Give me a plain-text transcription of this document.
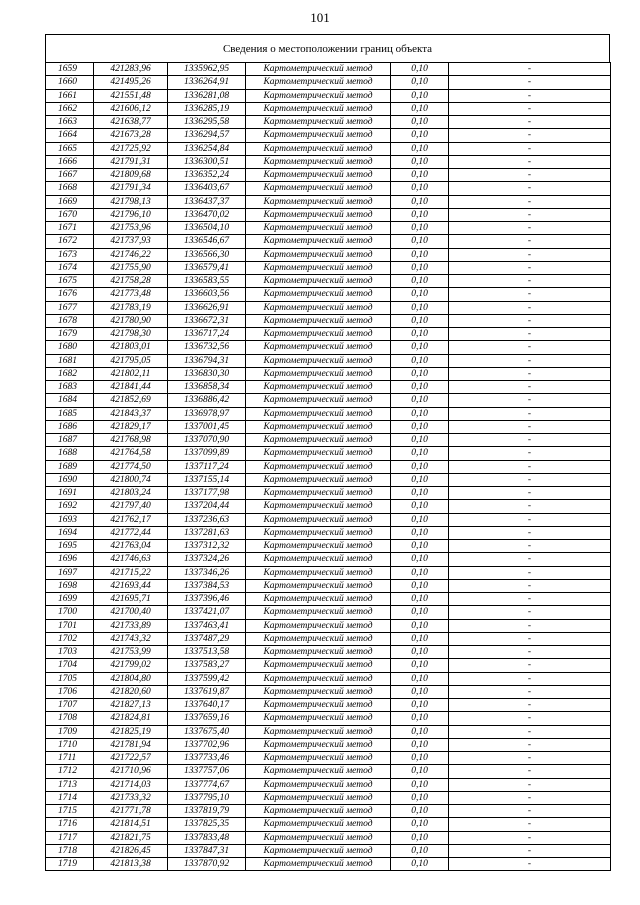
101
Сведения о местоположении границ объекта
1659	421283,96	1335962,95	Картометрический метод	0,10	-
1660	421495,26	1336264,91	Картометрический метод	0,10	-
1661	421551,48	1336281,08	Картометрический метод	0,10	-
1662	421606,12	1336285,19	Картометрический метод	0,10	-
1663	421638,77	1336295,58	Картометрический метод	0,10	-
1664	421673,28	1336294,57	Картометрический метод	0,10	-
1665	421725,92	1336254,84	Картометрический метод	0,10	-
1666	421791,31	1336300,51	Картометрический метод	0,10	-
1667	421809,68	1336352,24	Картометрический метод	0,10	-
1668	421791,34	1336403,67	Картометрический метод	0,10	-
1669	421798,13	1336437,37	Картометрический метод	0,10	-
1670	421796,10	1336470,02	Картометрический метод	0,10	-
1671	421753,96	1336504,10	Картометрический метод	0,10	-
1672	421737,93	1336546,67	Картометрический метод	0,10	-
1673	421746,22	1336566,30	Картометрический метод	0,10	-
1674	421755,90	1336579,41	Картометрический метод	0,10	-
1675	421758,28	1336583,55	Картометрический метод	0,10	-
1676	421773,48	1336603,56	Картометрический метод	0,10	-
1677	421783,19	1336626,91	Картометрический метод	0,10	-
1678	421780,90	1336672,31	Картометрический метод	0,10	-
1679	421798,30	1336717,24	Картометрический метод	0,10	-
1680	421803,01	1336732,56	Картометрический метод	0,10	-
1681	421795,05	1336794,31	Картометрический метод	0,10	-
1682	421802,11	1336830,30	Картометрический метод	0,10	-
1683	421841,44	1336858,34	Картометрический метод	0,10	-
1684	421852,69	1336886,42	Картометрический метод	0,10	-
1685	421843,37	1336978,97	Картометрический метод	0,10	-
1686	421829,17	1337001,45	Картометрический метод	0,10	-
1687	421768,98	1337070,90	Картометрический метод	0,10	-
1688	421764,58	1337099,89	Картометрический метод	0,10	-
1689	421774,50	1337117,24	Картометрический метод	0,10	-
1690	421800,74	1337155,14	Картометрический метод	0,10	-
1691	421803,24	1337177,98	Картометрический метод	0,10	-
1692	421797,40	1337204,44	Картометрический метод	0,10	-
1693	421762,17	1337236,63	Картометрический метод	0,10	-
1694	421772,44	1337281,63	Картометрический метод	0,10	-
1695	421763,04	1337312,32	Картометрический метод	0,10	-
1696	421746,63	1337324,26	Картометрический метод	0,10	-
1697	421715,22	1337346,26	Картометрический метод	0,10	-
1698	421693,44	1337384,53	Картометрический метод	0,10	-
1699	421695,71	1337396,46	Картометрический метод	0,10	-
1700	421700,40	1337421,07	Картометрический метод	0,10	-
1701	421733,89	1337463,41	Картометрический метод	0,10	-
1702	421743,32	1337487,29	Картометрический метод	0,10	-
1703	421753,99	1337513,58	Картометрический метод	0,10	-
1704	421799,02	1337583,27	Картометрический метод	0,10	-
1705	421804,80	1337599,42	Картометрический метод	0,10	-
1706	421820,60	1337619,87	Картометрический метод	0,10	-
1707	421827,13	1337640,17	Картометрический метод	0,10	-
1708	421824,81	1337659,16	Картометрический метод	0,10	-
1709	421825,19	1337675,40	Картометрический метод	0,10	-
1710	421781,94	1337702,96	Картометрический метод	0,10	-
1711	421722,57	1337733,46	Картометрический метод	0,10	-
1712	421710,96	1337757,06	Картометрический метод	0,10	-
1713	421714,03	1337774,67	Картометрический метод	0,10	-
1714	421733,32	1337795,10	Картометрический метод	0,10	-
1715	421771,78	1337819,79	Картометрический метод	0,10	-
1716	421814,51	1337825,35	Картометрический метод	0,10	-
1717	421821,75	1337833,48	Картометрический метод	0,10	-
1718	421826,45	1337847,31	Картометрический метод	0,10	-
1719	421813,38	1337870,92	Картометрический метод	0,10	-
